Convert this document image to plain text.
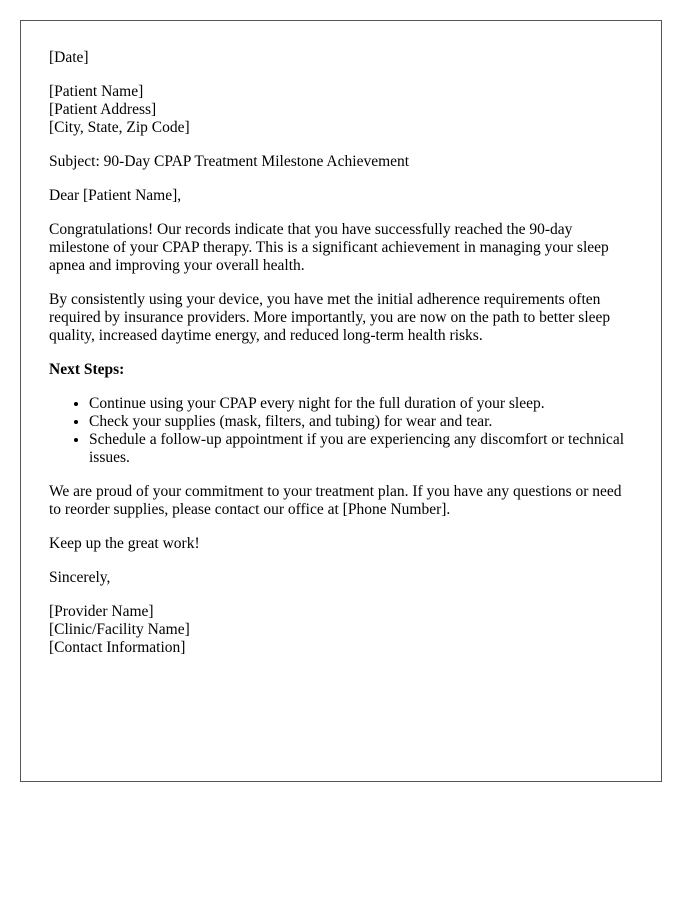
[Date]

[Patient Name]
[Patient Address]
[City, State, Zip Code]

Subject: 90-Day CPAP Treatment Milestone Achievement

Dear [Patient Name],

Congratulations! Our records indicate that you have successfully reached the 90-day milestone of your CPAP therapy. This is a significant achievement in managing your sleep apnea and improving your overall health.

By consistently using your device, you have met the initial adherence requirements often required by insurance providers. More importantly, you are now on the path to better sleep quality, increased daytime energy, and reduced long-term health risks.

Next Steps:

• Continue using your CPAP every night for the full duration of your sleep.
• Check your supplies (mask, filters, and tubing) for wear and tear.
• Schedule a follow-up appointment if you are experiencing any discomfort or technical issues.

We are proud of your commitment to your treatment plan. If you have any questions or need to reorder supplies, please contact our office at [Phone Number].

Keep up the great work!

Sincerely,

[Provider Name]
[Clinic/Facility Name]
[Contact Information]
